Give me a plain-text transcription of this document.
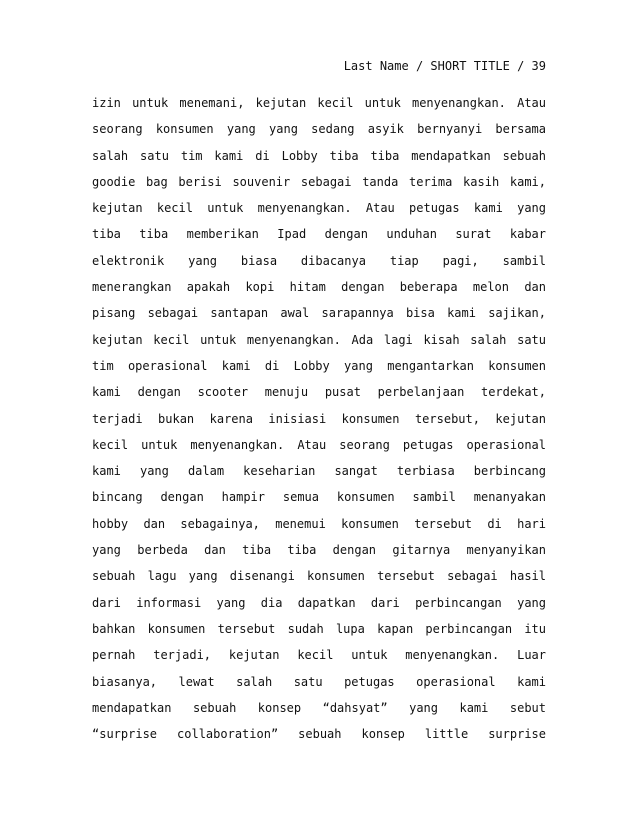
Last Name / SHORT TITLE / 39
izin untuk menemani, kejutan kecil untuk menyenangkan. Atau
seorang konsumen yang yang sedang asyik bernyanyi bersama
salah satu tim kami di Lobby tiba tiba mendapatkan sebuah
goodie bag berisi souvenir sebagai tanda terima kasih kami,
kejutan kecil untuk menyenangkan. Atau petugas kami yang
tiba tiba memberikan Ipad dengan unduhan surat kabar
elektronik yang biasa dibacanya tiap pagi, sambil
menerangkan apakah kopi hitam dengan beberapa melon dan
pisang sebagai santapan awal sarapannya bisa kami sajikan,
kejutan kecil untuk menyenangkan. Ada lagi kisah salah satu
tim operasional kami di Lobby yang mengantarkan konsumen
kami dengan scooter menuju pusat perbelanjaan terdekat,
terjadi bukan karena inisiasi konsumen tersebut, kejutan
kecil untuk menyenangkan. Atau seorang petugas operasional
kami yang dalam keseharian sangat terbiasa berbincang
bincang dengan hampir semua konsumen sambil menanyakan
hobby dan sebagainya, menemui konsumen tersebut di hari
yang berbeda dan tiba tiba dengan gitarnya menyanyikan
sebuah lagu yang disenangi konsumen tersebut sebagai hasil
dari informasi yang dia dapatkan dari perbincangan yang
bahkan konsumen tersebut sudah lupa kapan perbincangan itu
pernah terjadi, kejutan kecil untuk menyenangkan. Luar
biasanya, lewat salah satu petugas operasional kami
mendapatkan sebuah konsep “dahsyat” yang kami sebut
“surprise collaboration” sebuah konsep little surprise
